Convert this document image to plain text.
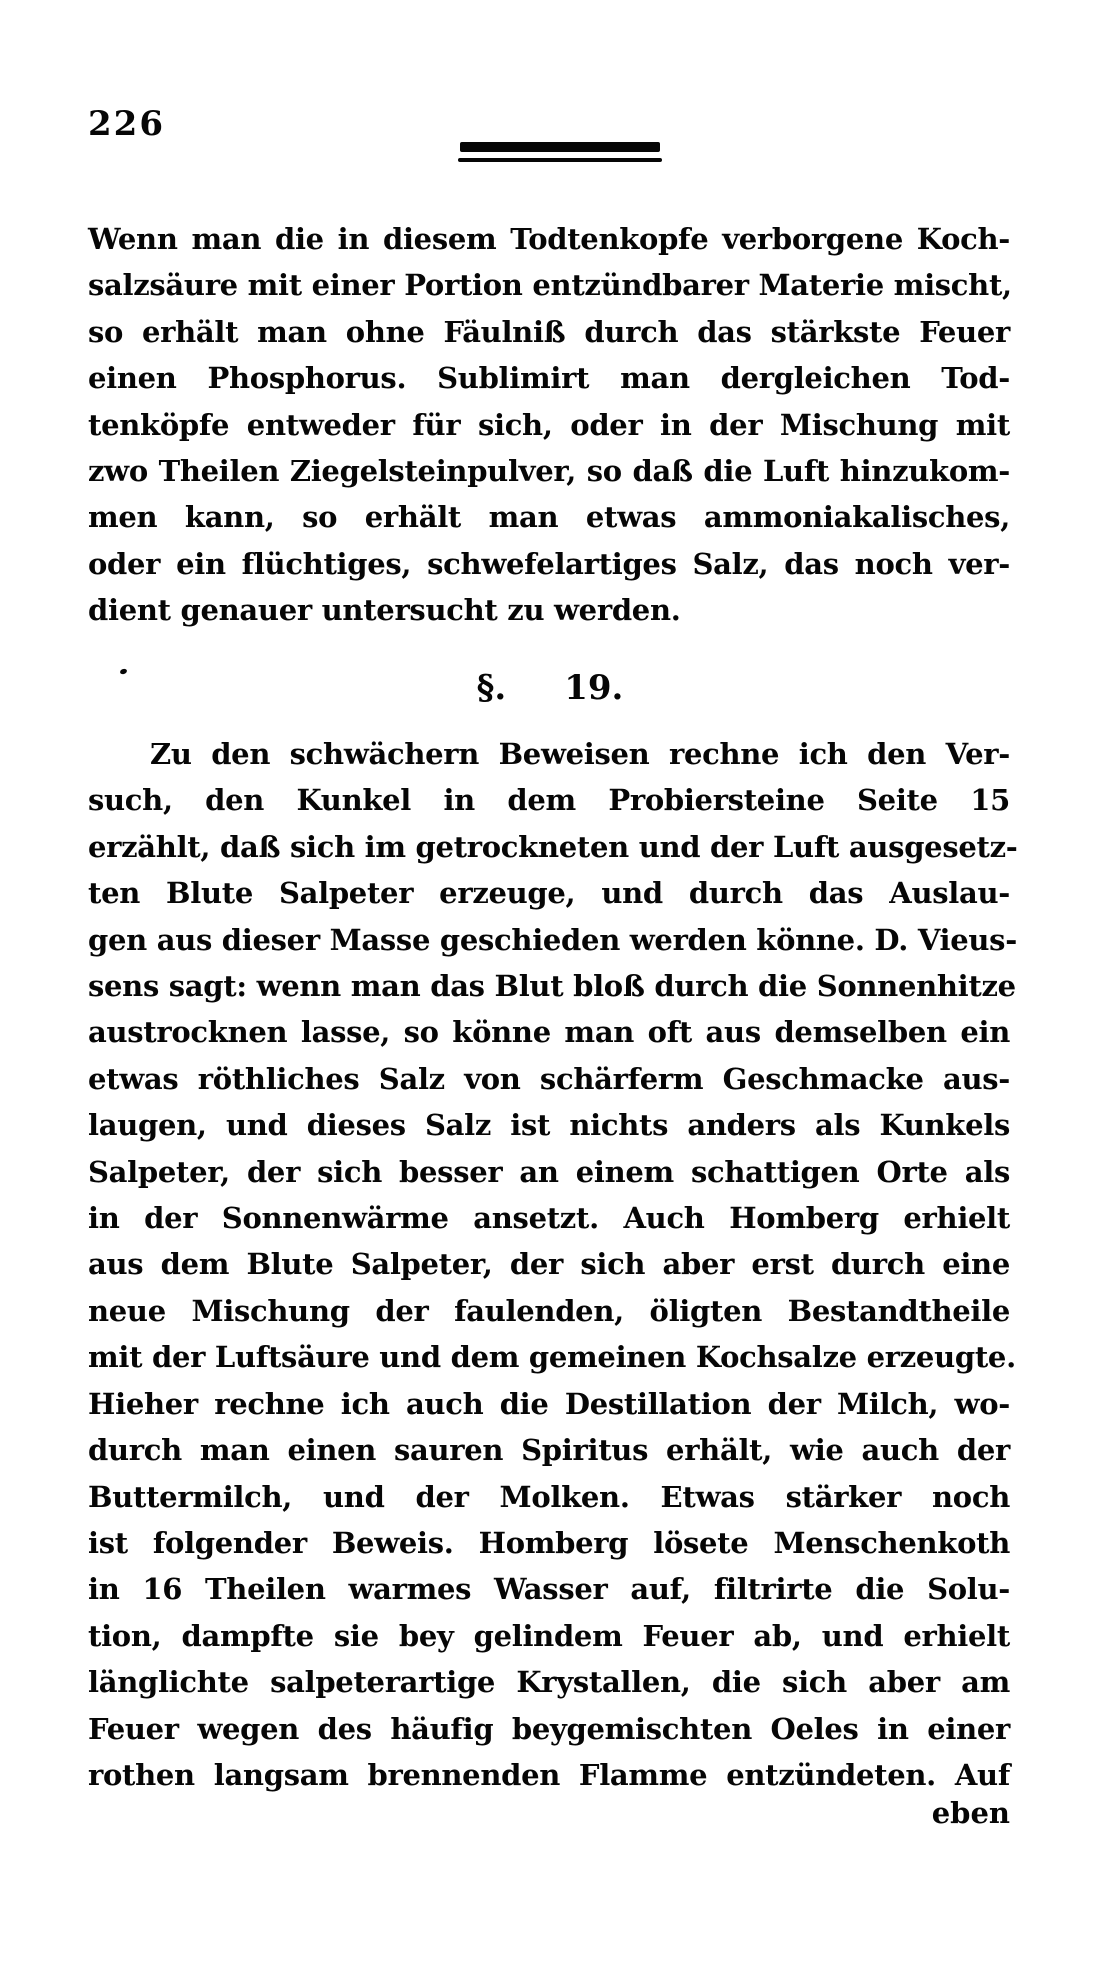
226
Wenn man die in diesem Todtenkopfe verborgene Koch-
salzsäure mit einer Portion entzündbarer Materie mischt,
so erhält man ohne Fäulniß durch das stärkste Feuer
einen Phosphorus. Sublimirt man dergleichen Tod-
tenköpfe entweder für sich, oder in der Mischung mit
zwo Theilen Ziegelsteinpulver, so daß die Luft hinzukom-
men kann, so erhält man etwas ammoniakalisches,
oder ein flüchtiges, schwefelartiges Salz, das noch ver-
dient genauer untersucht zu werden.
§. 19.
Zu den schwächern Beweisen rechne ich den Ver-
such, den Kunkel in dem Probiersteine Seite 15
erzählt, daß sich im getrockneten und der Luft ausgesetz-
ten Blute Salpeter erzeuge, und durch das Auslau-
gen aus dieser Masse geschieden werden könne. D. Vieus-
sens sagt: wenn man das Blut bloß durch die Sonnenhitze
austrocknen lasse, so könne man oft aus demselben ein
etwas röthliches Salz von schärferm Geschmacke aus-
laugen, und dieses Salz ist nichts anders als Kunkels
Salpeter, der sich besser an einem schattigen Orte als
in der Sonnenwärme ansetzt. Auch Homberg erhielt
aus dem Blute Salpeter, der sich aber erst durch eine
neue Mischung der faulenden, öligten Bestandtheile
mit der Luftsäure und dem gemeinen Kochsalze erzeugte.
Hieher rechne ich auch die Destillation der Milch, wo-
durch man einen sauren Spiritus erhält, wie auch der
Buttermilch, und der Molken. Etwas stärker noch
ist folgender Beweis. Homberg lösete Menschenkoth
in 16 Theilen warmes Wasser auf, filtrirte die Solu-
tion, dampfte sie bey gelindem Feuer ab, und erhielt
länglichte salpeterartige Krystallen, die sich aber am
Feuer wegen des häufig beygemischten Oeles in einer
rothen langsam brennenden Flamme entzündeten. Auf
eben
